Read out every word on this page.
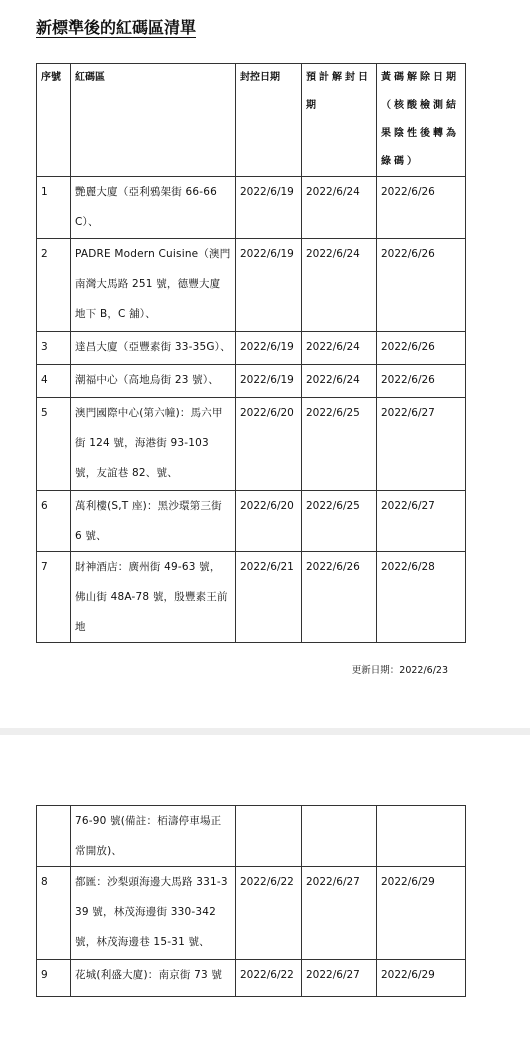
新標準後的紅碼區清單
序號	紅碼區	封控日期	預計解封日期	黃碼解除日期（核酸檢測結果陰性後轉為綠碼）
1	艷麗大廈（亞利鴉架街 66-66C）、	2022/6/19	2022/6/24	2022/6/26
2	PADRE Modern Cuisine（澳門南灣大馬路 251 號，德豐大廈地下 B，C 舖）、	2022/6/19	2022/6/24	2022/6/26
3	達昌大廈（亞豐素街 33-35G）、	2022/6/19	2022/6/24	2022/6/26
4	潮福中心（高地烏街 23 號）、	2022/6/19	2022/6/24	2022/6/26
5	澳門國際中心(第六幢)：馬六甲街 124 號，海港街 93-103 號，友誼巷 82、號、	2022/6/20	2022/6/25	2022/6/27
6	萬利樓(S,T 座)：黑沙環第三街 6 號、	2022/6/20	2022/6/25	2022/6/27
7	財神酒店：廣州街 49-63 號，佛山街 48A-78 號，殷豐素王前地	2022/6/21	2022/6/26	2022/6/28
更新日期：2022/6/23
	76-90 號(備註：栢濤停車場正常開放)、			
8	都匯：沙梨頭海邊大馬路 331-339 號，林茂海邊街 330-342 號，林茂海邊巷 15-31 號、	2022/6/22	2022/6/27	2022/6/29
9	花城(利盛大廈)：南京街 73 號	2022/6/22	2022/6/27	2022/6/29
